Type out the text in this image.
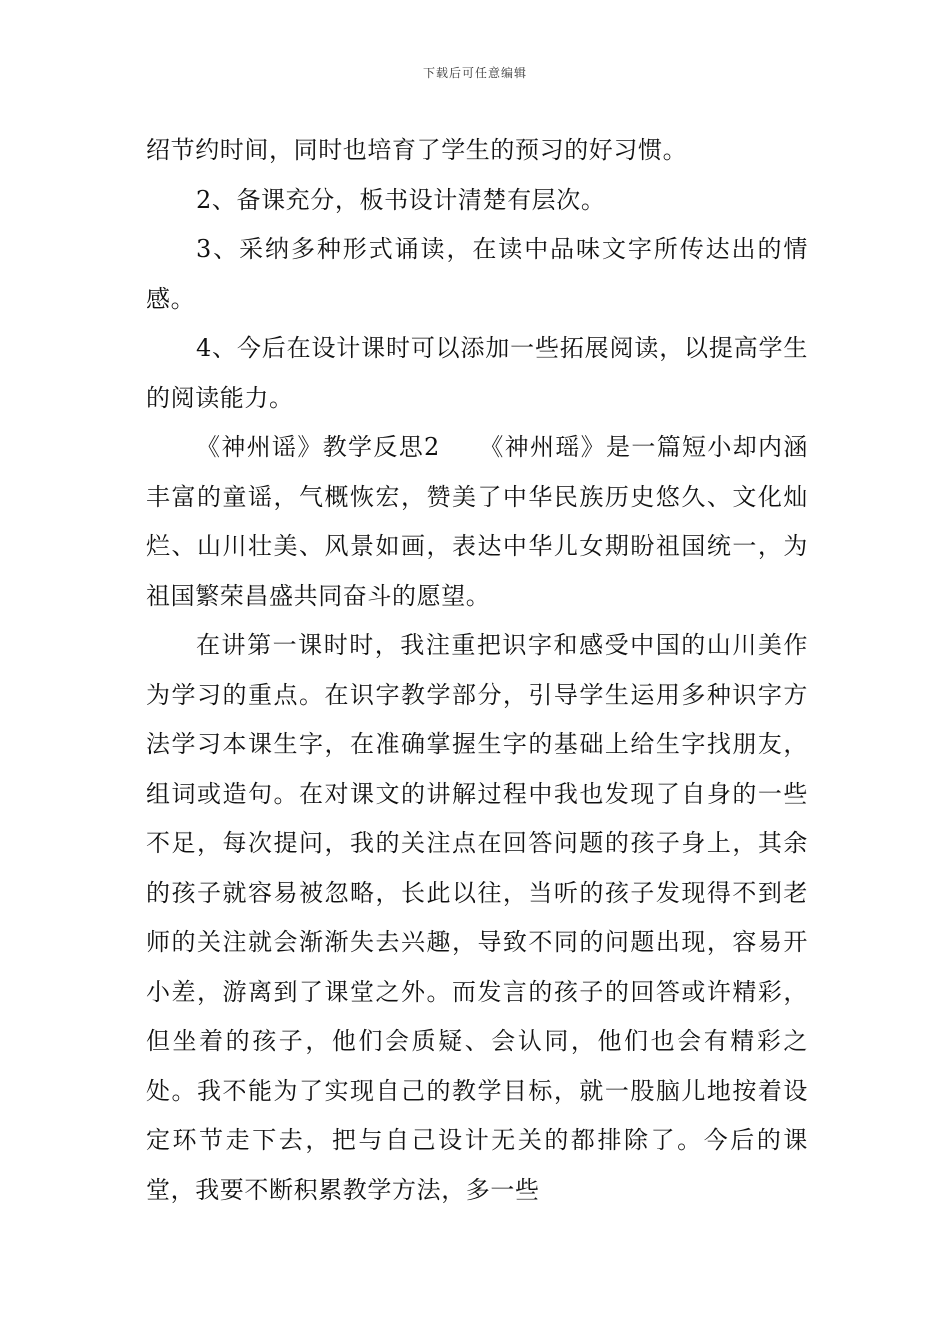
下载后可任意编辑

绍节约时间，同时也培育了学生的预习的好习惯。

2、备课充分，板书设计清楚有层次。

3、采纳多种形式诵读，在读中品味文字所传达出的情感。

4、今后在设计课时可以添加一些拓展阅读，以提高学生的阅读能力。

《神州谣》教学反思2　　《神州瑶》是一篇短小却内涵丰富的童谣，气概恢宏，赞美了中华民族历史悠久、文化灿烂、山川壮美、风景如画，表达中华儿女期盼祖国统一，为祖国繁荣昌盛共同奋斗的愿望。

在讲第一课时时，我注重把识字和感受中国的山川美作为学习的重点。在识字教学部分，引导学生运用多种识字方法学习本课生字，在准确掌握生字的基础上给生字找朋友，组词或造句。在对课文的讲解过程中我也发现了自身的一些不足，每次提问，我的关注点在回答问题的孩子身上，其余的孩子就容易被忽略，长此以往，当听的孩子发现得不到老师的关注就会渐渐失去兴趣，导致不同的问题出现，容易开小差，游离到了课堂之外。而发言的孩子的回答或许精彩，但坐着的孩子，他们会质疑、会认同，他们也会有精彩之处。我不能为了实现自己的教学目标，就一股脑儿地按着设定环节走下去，把与自己设计无关的都排除了。今后的课堂，我要不断积累教学方法，多一些
